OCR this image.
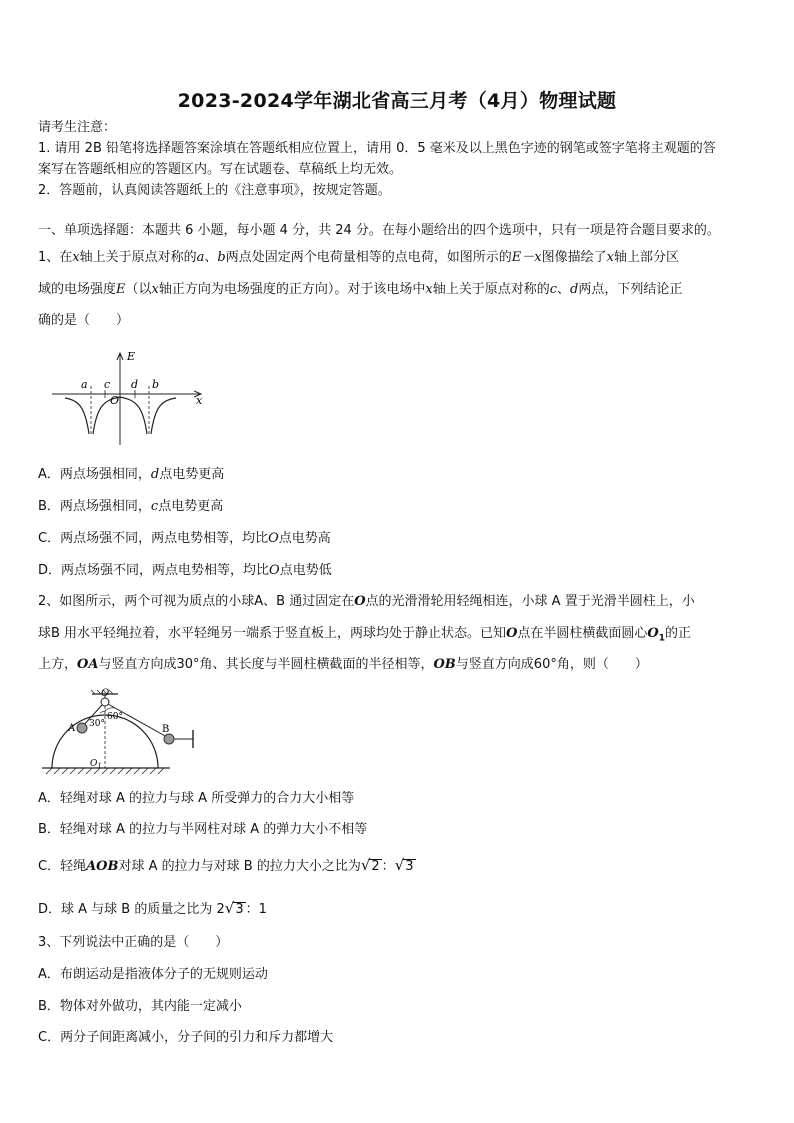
2023-2024学年湖北省高三月考（4月）物理试题
请考生注意：
1. 请用 2B 铅笔将选择题答案涂填在答题纸相应位置上，请用 0．5 毫米及以上黑色字迹的钢笔或签字笔将主观题的答
案写在答题纸相应的答题区内。写在试题卷、草稿纸上均无效。
2．答题前，认真阅读答题纸上的《注意事项》，按规定答题。
一、单项选择题：本题共 6 小题，每小题 4 分，共 24 分。在每小题给出的四个选项中，只有一项是符合题目要求的。
1、在x轴上关于原点对称的a、b两点处固定两个电荷量相等的点电荷，如图所示的E－x图像描绘了x轴上部分区
域的电场强度E（以x轴正方向为电场强度的正方向）。对于该电场中x轴上关于原点对称的c、d两点，下列结论正
确的是（　　）
E
x
a c
O
d b
A．两点场强相同，d点电势更高
B．两点场强相同，c点电势更高
C．两点场强不同，两点电势相等，均比O点电势高
D．两点场强不同，两点电势相等，均比O点电势低
2、如图所示，两个可视为质点的小球A、B 通过固定在O点的光滑滑轮用轻绳相连，小球 A 置于光滑半圆柱上，小
球B 用水平轻绳拉着，水平轻绳另一端系于竖直板上，两球均处于静止状态。已知O点在半圆柱横截面圆心$O_1$的正
上方，OA与竖直方向成30°角、其长度与半圆柱横截面的半径相等，OB与竖直方向成60°角，则（　　）
O
A	B
30°
60°
$O_1$
A．轻绳对球 A 的拉力与球 A 所受弹力的合力大小相等
B．轻绳对球 A 的拉力与半网柱对球 A 的弹力大小不相等
C．轻绳AOB对球 A 的拉力与对球 B 的拉力大小之比为√2 ：√3
D．球 A 与球 B 的质量之比为 2√3 ：1
3、下列说法中正确的是（　　）
A．布朗运动是指液体分子的无规则运动
B．物体对外做功，其内能一定减小
C．两分子间距离减小，分子间的引力和斥力都增大
